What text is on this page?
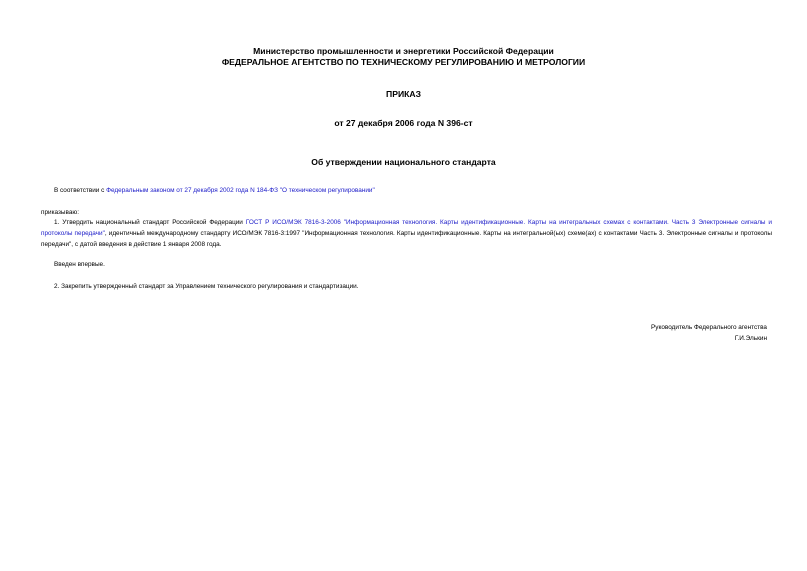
Министерство промышленности и энергетики Российской Федерации
ФЕДЕРАЛЬНОЕ АГЕНТСТВО ПО ТЕХНИЧЕСКОМУ РЕГУЛИРОВАНИЮ И МЕТРОЛОГИИ
ПРИКАЗ
от 27 декабря 2006 года N 396-ст
Об утверждении национального стандарта
В соответствии с Федеральным законом от 27 декабря 2002 года N 184-ФЗ "О техническом регулировании"
приказываю:
1. Утвердить национальный стандарт Российской Федерации ГОСТ Р ИСО/МЭК 7816-3-2006 "Информационная технология. Карты идентификационные. Карты на интегральных схемах с контактами. Часть 3 Электронные сигналы и протоколы передачи", идентичный международному стандарту ИСО/МЭК 7816-3:1997 "Информационная технология. Карты идентификационные. Карты на интегральной(ых) схеме(ах) с контактами Часть 3. Электронные сигналы и протоколы передачи", с датой введения в действие 1 января 2008 года.
Введен впервые.
2. Закрепить утвержденный стандарт за Управлением технического регулирования и стандартизации.
Руководитель Федерального агентства
Г.И.Элькин
